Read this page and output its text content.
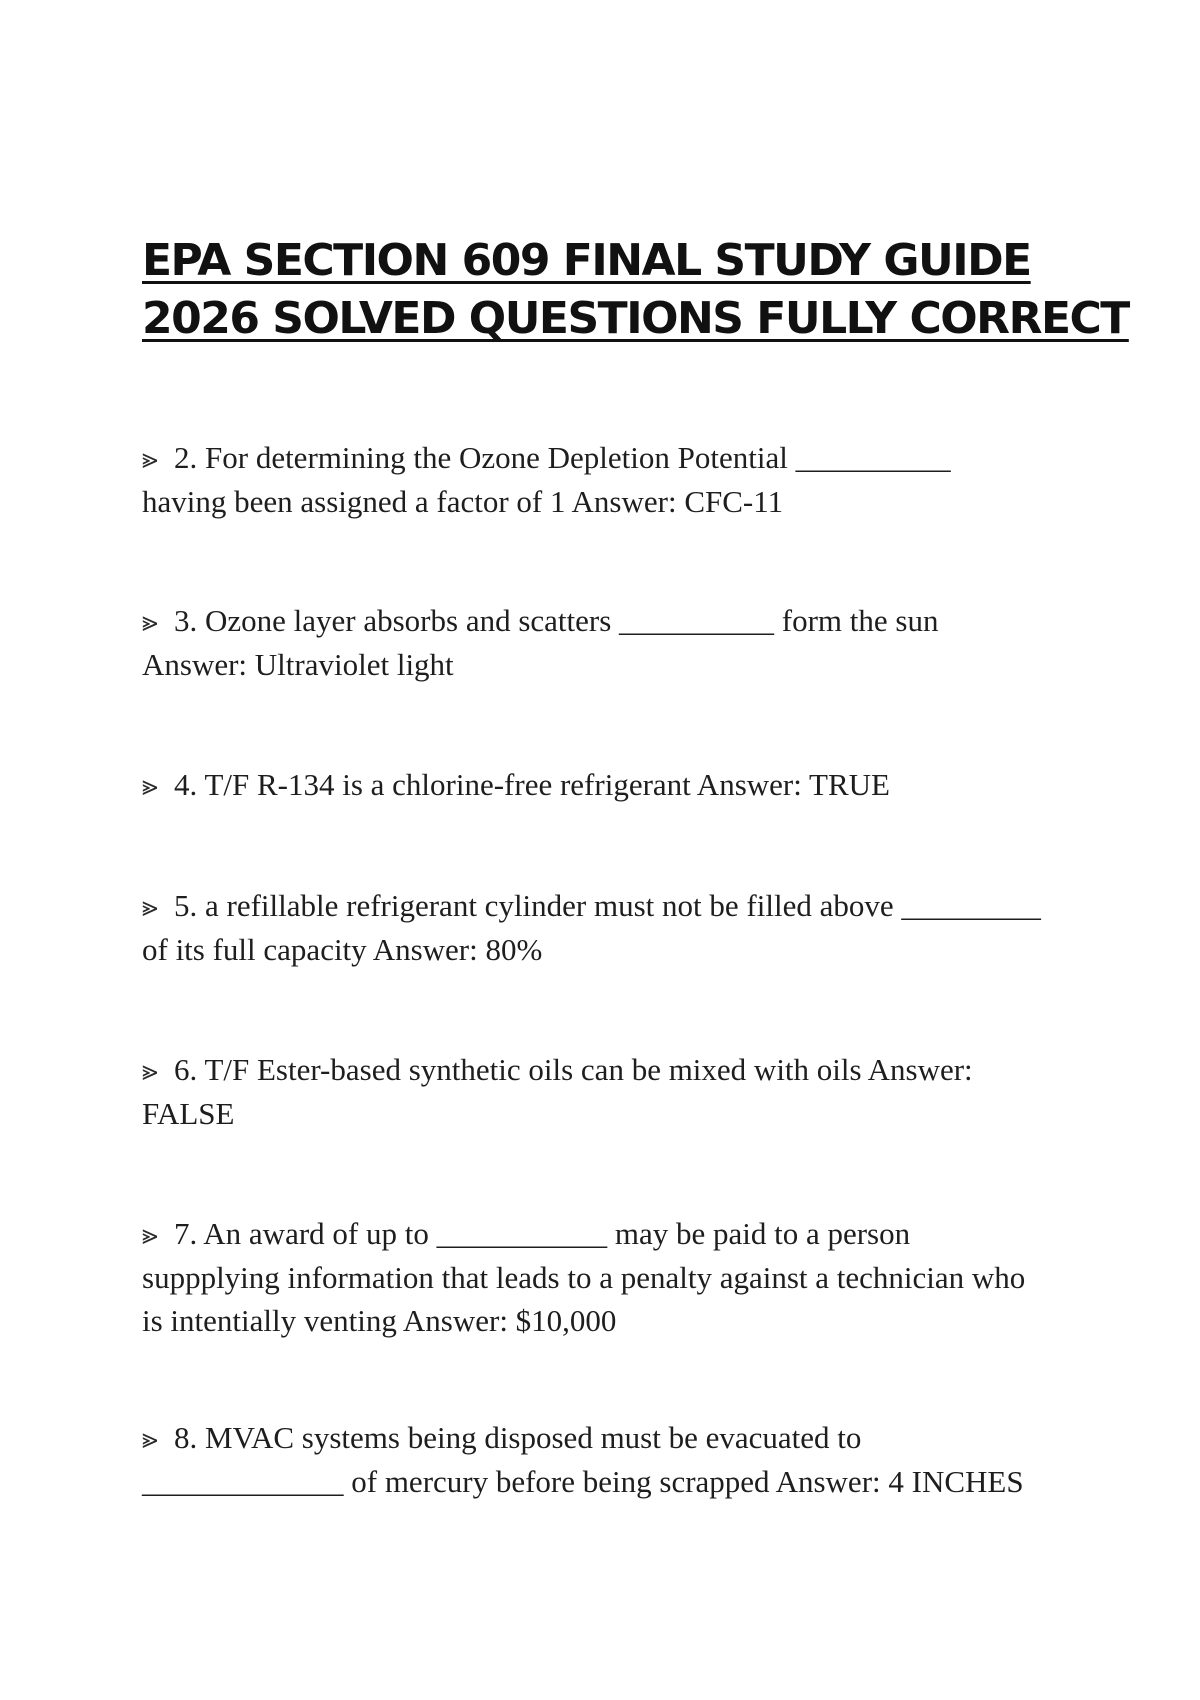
EPA SECTION 609 FINAL STUDY GUIDE
2026 SOLVED QUESTIONS FULLY CORRECT

⪢ 2. For determining the Ozone Depletion Potential __________
having been assigned a factor of 1 Answer: CFC-11

⪢ 3. Ozone layer absorbs and scatters __________ form the sun
Answer: Ultraviolet light

⪢ 4. T/F R-134 is a chlorine-free refrigerant Answer: TRUE

⪢ 5. a refillable refrigerant cylinder must not be filled above _________
of its full capacity Answer: 80%

⪢ 6. T/F Ester-based synthetic oils can be mixed with oils Answer:
FALSE

⪢ 7. An award of up to ___________ may be paid to a person
suppplying information that leads to a penalty against a technician who
is intentially venting Answer: $10,000

⪢ 8. MVAC systems being disposed must be evacuated to
_____________ of mercury before being scrapped Answer: 4 INCHES
